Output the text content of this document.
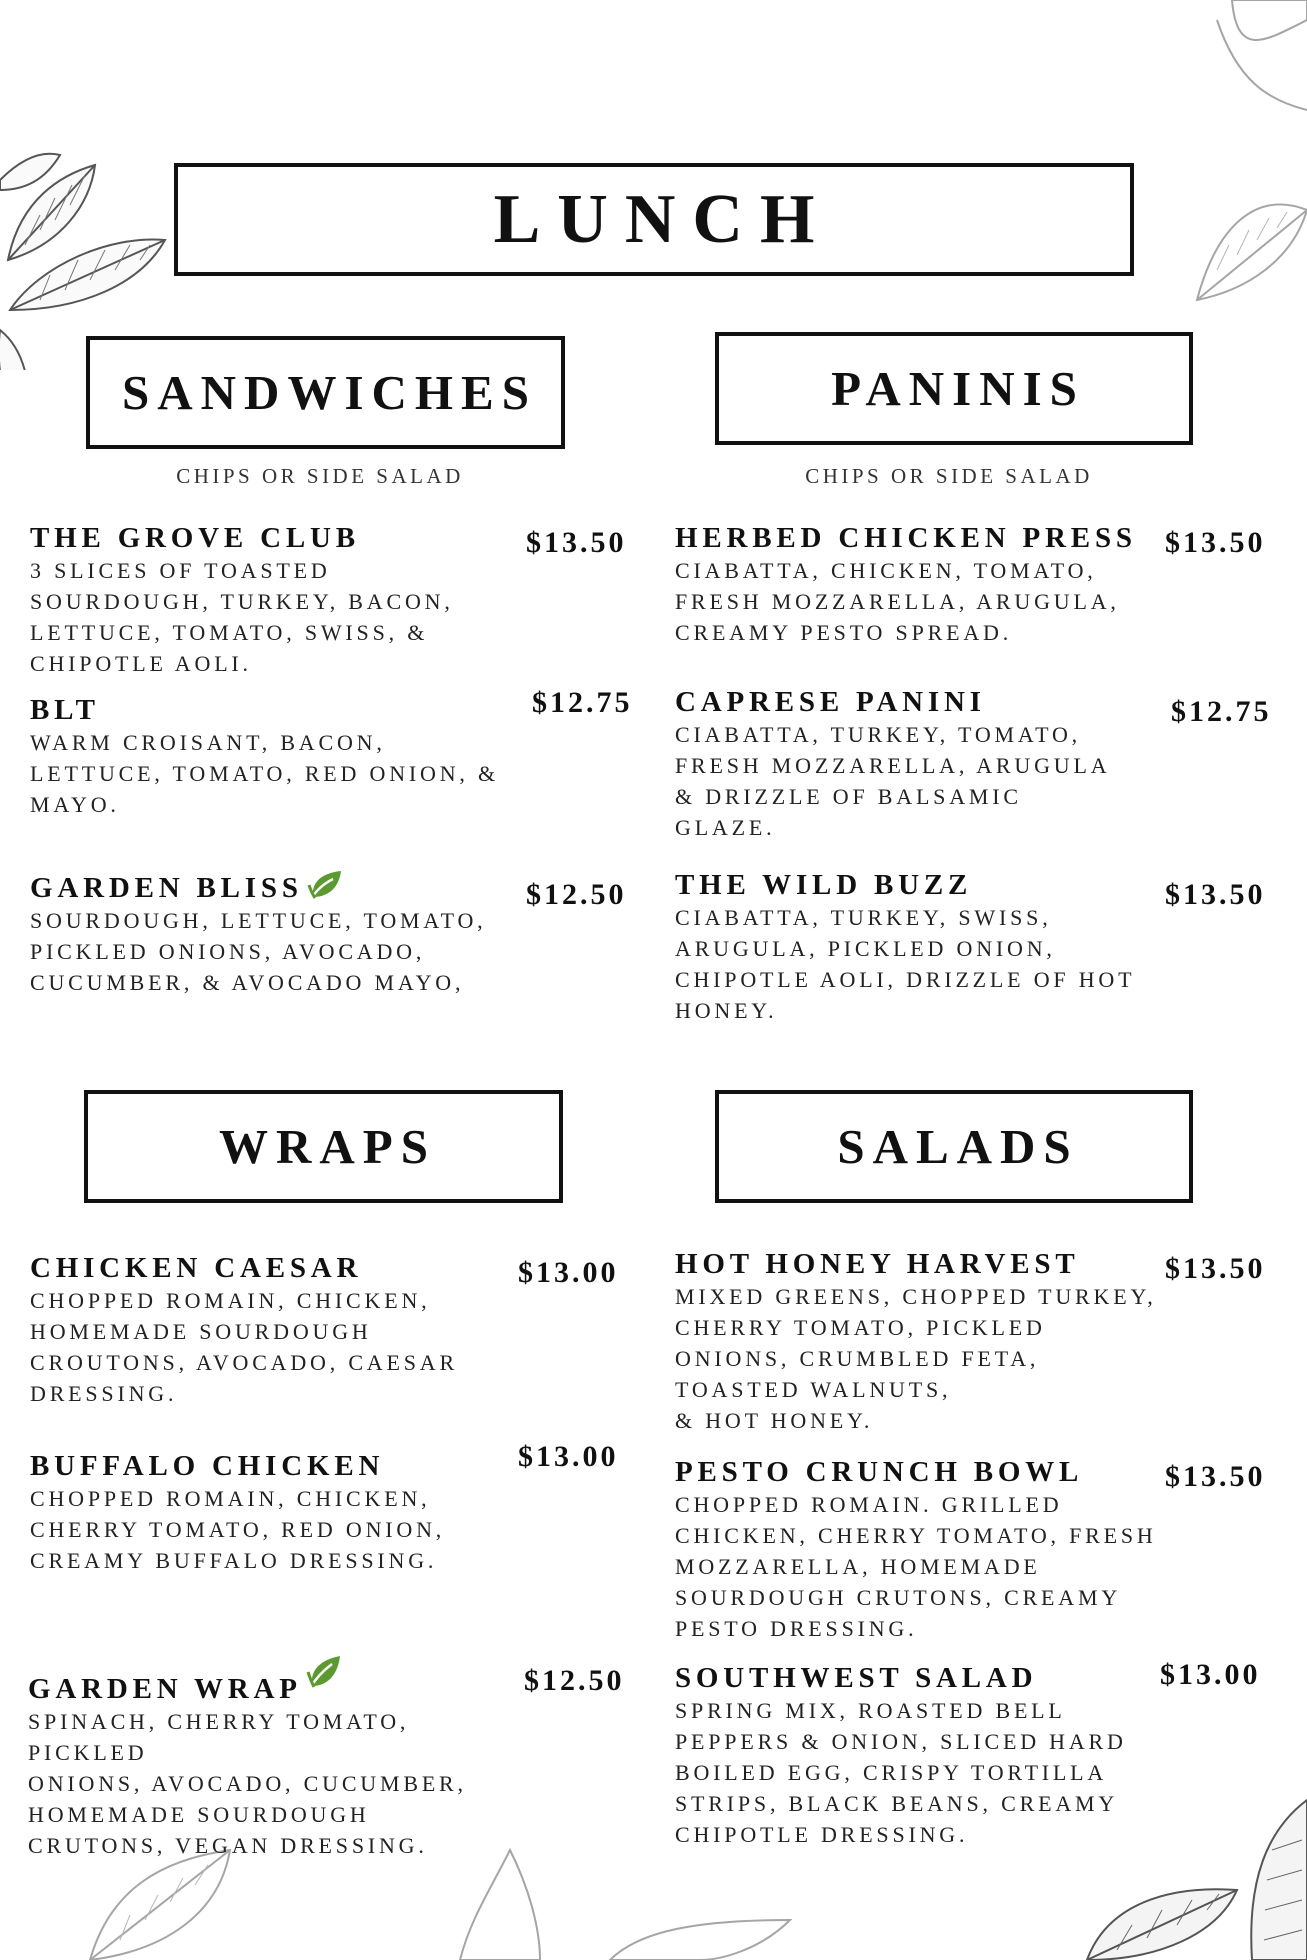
LUNCH
SANDWICHES	PANINIS
WRAPS	SALADS
CHIPS OR SIDE SALAD	CHIPS OR SIDE SALAD
THE GROVE CLUB
3 SLICES OF TOASTED
SOURDOUGH, TURKEY, BACON,
LETTUCE, TOMATO, SWISS, &
CHIPOTLE AOLI.
$13.50
BLT
WARM CROISANT, BACON,
LETTUCE, TOMATO, RED ONION, &
MAYO.
$12.75
GARDEN BLISS
SOURDOUGH, LETTUCE, TOMATO,
PICKLED ONIONS, AVOCADO,
CUCUMBER, & AVOCADO MAYO,
$12.50
HERBED CHICKEN PRESS
CIABATTA, CHICKEN, TOMATO,
FRESH MOZZARELLA, ARUGULA,
CREAMY PESTO SPREAD.
$13.50
CAPRESE PANINI
CIABATTA, TURKEY, TOMATO,
FRESH MOZZARELLA, ARUGULA
& DRIZZLE OF BALSAMIC
GLAZE.
$12.75
THE WILD BUZZ
CIABATTA, TURKEY, SWISS,
ARUGULA, PICKLED ONION,
CHIPOTLE AOLI, DRIZZLE OF HOT
HONEY.
$13.50
CHICKEN CAESAR
CHOPPED ROMAIN, CHICKEN,
HOMEMADE SOURDOUGH
CROUTONS, AVOCADO, CAESAR
DRESSING.
$13.00
BUFFALO CHICKEN
CHOPPED ROMAIN, CHICKEN,
CHERRY TOMATO, RED ONION,
CREAMY BUFFALO DRESSING.
$13.00
GARDEN WRAP
SPINACH, CHERRY TOMATO,
PICKLED
ONIONS, AVOCADO, CUCUMBER,
HOMEMADE SOURDOUGH
CRUTONS, VEGAN DRESSING.
$12.50
HOT HONEY HARVEST
MIXED GREENS, CHOPPED TURKEY,
CHERRY TOMATO, PICKLED
ONIONS, CRUMBLED FETA,
TOASTED WALNUTS,
& HOT HONEY.
$13.50
PESTO CRUNCH BOWL
CHOPPED ROMAIN. GRILLED
CHICKEN, CHERRY TOMATO, FRESH
MOZZARELLA, HOMEMADE
SOURDOUGH CRUTONS, CREAMY
PESTO DRESSING.
$13.50
SOUTHWEST SALAD
SPRING MIX, ROASTED BELL
PEPPERS & ONION, SLICED HARD
BOILED EGG, CRISPY TORTILLA
STRIPS, BLACK BEANS, CREAMY
CHIPOTLE DRESSING.
$13.00
